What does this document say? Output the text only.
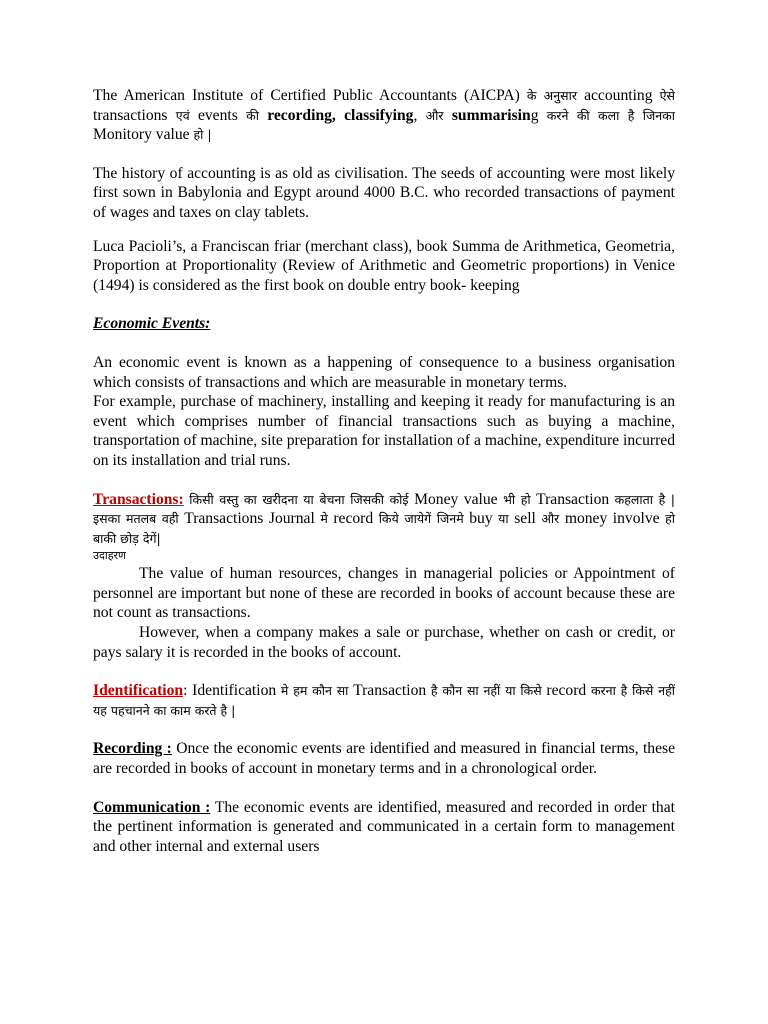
The American Institute of Certified Public Accountants (AICPA) के अनुसार accounting ऐसे transactions एवं events की recording, classifying, और summarising करने की कला है जिनका Monitory value हो |

The history of accounting is as old as civilisation. The seeds of accounting were most likely first sown in Babylonia and Egypt around 4000 B.C. who recorded transactions of payment of wages and taxes on clay tablets.

Luca Pacioli’s, a Franciscan friar (merchant class), book Summa de Arithmetica, Geometria, Proportion at Proportionality (Review of Arithmetic and Geometric proportions) in Venice (1494) is considered as the first book on double entry book- keeping

Economic Events:

An economic event is known as a happening of consequence to a business organisation which consists of transactions and which are measurable in monetary terms.

For example, purchase of machinery, installing and keeping it ready for manufacturing is an event which comprises number of financial transactions such as buying a machine, transportation of machine, site preparation for installation of a machine, expenditure incurred on its installation and trial runs.

Transactions: किसी वस्तु का खरीदना या बेचना जिसकी कोई Money value भी हो Transaction कहलाता है | इसका मतलब वही Transactions Journal मे record किये जायेगें जिनमे buy या sell और money involve हो बाकी छोड़ देगें|

उदाहरण

The value of human resources, changes in managerial policies or Appointment of personnel are important but none of these are recorded in books of account because these are not count as transactions.

However, when a company makes a sale or purchase, whether on cash or credit, or pays salary it is recorded in the books of account.

Identification: Identification मे हम कौन सा Transaction है कौन सा नहीं या किसे record करना है किसे नहीं यह पहचानने का काम करते है |

Recording : Once the economic events are identified and measured in financial terms, these are recorded in books of account in monetary terms and in a chronological order.

Communication : The economic events are identified, measured and recorded in order that the pertinent information is generated and communicated in a certain form to management and other internal and external users
